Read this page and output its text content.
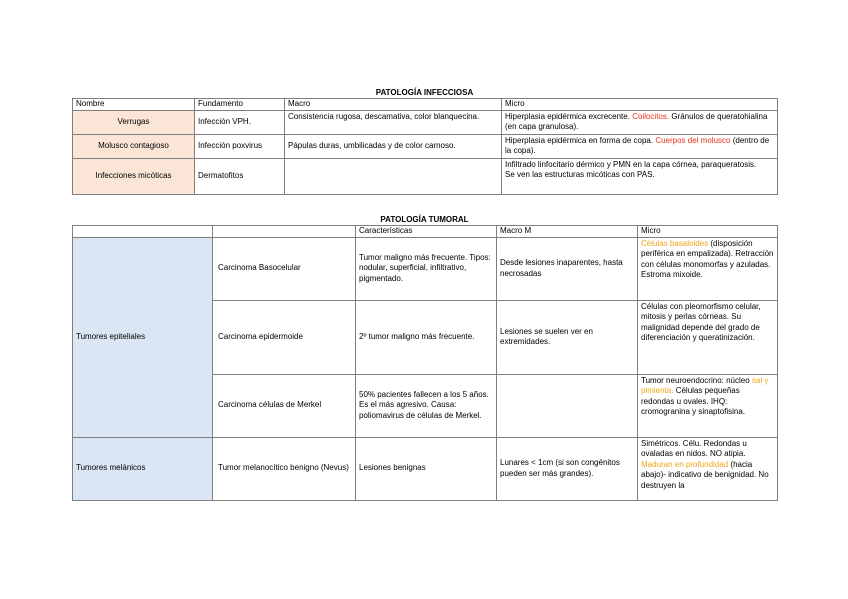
PATOLOGÍA INFECCIOSA
Nombre	Fundamento	Macro	Micro
Verrugas	Infección VPH.	Consistencia rugosa, descamativa, color blanquecina.	Hiperplasia epidérmica excrecente. Coilocitos. Gránulos de queratohialina (en capa granulosa).
Molusco contagioso	Infección poxvirus	Pápulas duras, umbilicadas y de color carnoso.	Hiperplasia epidérmica en forma de copa. Cuerpos del molusco (dentro de la copa).
Infecciones micóticas	Dermatofitos		Infiltrado linfocitario dérmico y PMN en la capa córnea, paraqueratosis.
Se ven las estructuras micóticas con PAS.
PATOLOGÍA TUMORAL
		Características	Macro M	Micro
Tumores epiteliales	Carcinoma Basocelular	Tumor maligno más frecuente. Tipos: nodular, superficial, infiltrativo, pigmentado.	Desde lesiones inaparentes, hasta necrosadas	Células basaloides (disposición periférica en empalizada). Retracción con células monomorfas y azuladas. Estroma mixoide.
	Carcinoma epidermoide	2º tumor maligno más frecuente.	Lesiones se suelen ver en extremidades.	Células con pleomorfismo celular, mitosis y perlas córneas. Su malignidad depende del grado de diferenciación y queratinización.
	Carcinoma células de Merkel	50% pacientes fallecen a los 5 años. Es el más agresivo. Causa: poliomavirus de células de Merkel.		Tumor neuroendocrino: núcleo sal y pimienta. Células pequeñas redondas u ovales. IHQ: cromogranina y sinaptofisina.
Tumores melánicos	Tumor melanocítico benigno (Nevus)	Lesiones benignas	Lunares < 1cm (si son congénitos pueden ser más grandes).	Simétricos. Célu. Redondas u ovaladas en nidos. NO atipia. Maduran en profundidad (hacia abajo)- indicativo de benignidad. No destruyen la
